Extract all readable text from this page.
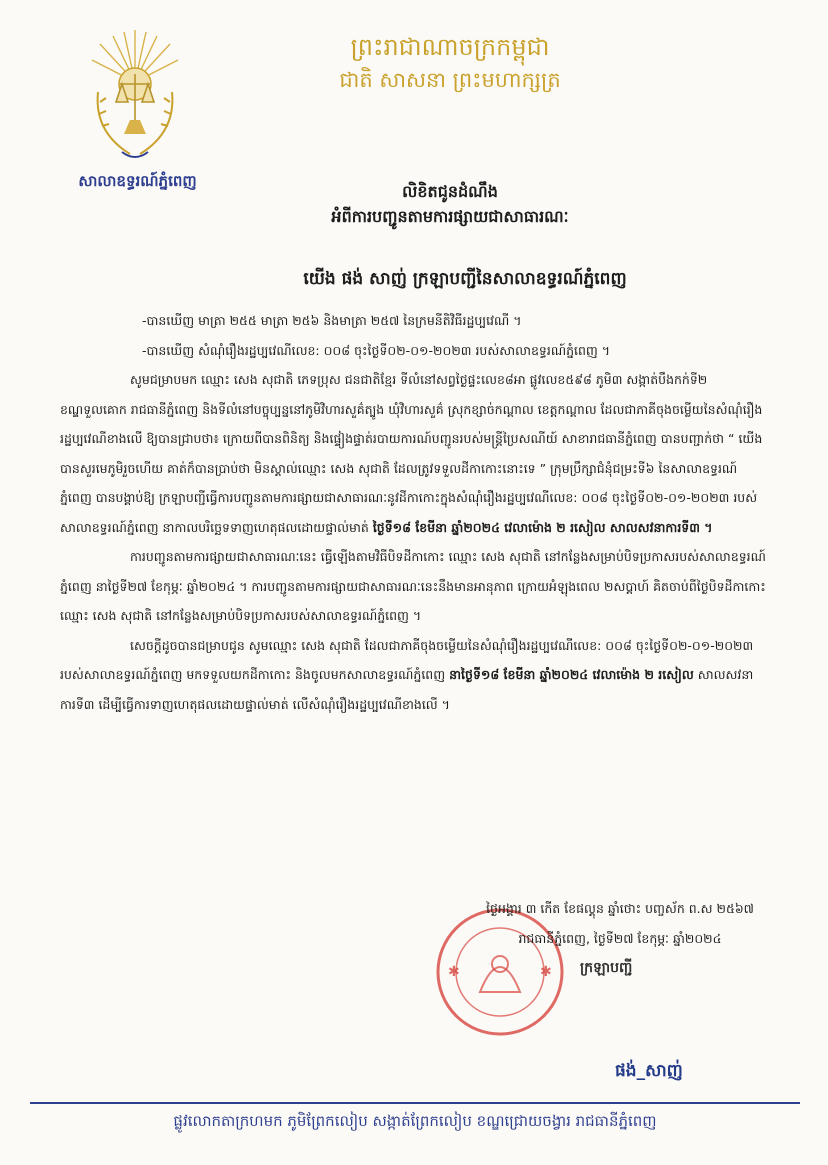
សាលាឧទ្ធរណ៍ភ្នំពេញ
ព្រះរាជាណាចក្រកម្ពុជា
ជាតិ សាសនា ព្រះមហាក្សត្រ
លិខិតជូនដំណឹង
អំពីការបញ្ជូនតាមការផ្សាយជាសាធារណៈ
យើង ផង់ សាញ់ ក្រឡាបញ្ជីនៃសាលាឧទ្ធរណ៍ភ្នំពេញ

-បានឃើញ មាត្រា ២៥៥ មាត្រា ២៥៦ និងមាត្រា ២៥៧ នៃក្រមនីតិវិធីរដ្ឋប្បវេណី ។

-បានឃើញ សំណុំរឿងរដ្ឋប្បវេណីលេខ: ០០៨ ចុះថ្ងៃទី០២-០១-២០២៣ របស់សាលាឧទ្ធរណ៍ភ្នំពេញ ។

សូមជម្រាបមក ឈ្មោះ សេង សុជាតិ ភេទប្រុស ជនជាតិខ្មែរ ទីលំនៅសព្វថ្ងៃផ្ទះលេខ៨អា ផ្លូវលេខ៥៩៨ ភូមិ៣ សង្កាត់បឹងកក់ទី២ ខណ្ឌទួលគោក រាជធានីភ្នំពេញ និងទីលំនៅបច្ចុប្បន្ននៅភូមិវិហារសួគ៌ត្បូង ឃុំវិហារសួគ៌ ស្រុកខ្សាច់កណ្ដាល ខេត្តកណ្ដាល ដែលជាភាគីចុងចម្លើយនៃសំណុំរឿងរដ្ឋប្បវេណីខាងលើ ឱ្យបានជ្រាបថា៖ ក្រោយពីបានពិនិត្យ និងផ្ទៀងផ្ទាត់របាយការណ៍បញ្ជូនរបស់មន្ត្រីប្រៃសណីយ៍ សាខារាជធានីភ្នំពេញ បានបញ្ជាក់ថា “ យើងបានសួរមេភូមិរួចហើយ គាត់ក៏បានប្រាប់ថា មិនស្គាល់ឈ្មោះ សេង សុជាតិ ដែលត្រូវទទួលដីកាកោះនោះទេ ” ក្រុមប្រឹក្សាជំនុំជម្រះទី៦ នៃសាលាឧទ្ធរណ៍ភ្នំពេញ បានបង្គាប់ឱ្យ ក្រឡាបញ្ជីធ្វើការបញ្ជូនតាមការផ្សាយជាសាធារណៈនូវដីកាកោះក្នុងសំណុំរឿងរដ្ឋប្បវេណីលេខ: ០០៨ ចុះថ្ងៃទី០២-០១-២០២៣ របស់សាលាឧទ្ធរណ៍ភ្នំពេញ នាកាលបរិច្ឆេទទាញហេតុផលដោយផ្ទាល់មាត់ ថ្ងៃទី១៨ ខែមីនា ឆ្នាំ២០២៤ វេលាម៉ោង ២ រសៀល សាលសវនាការទី៣ ។

ការបញ្ជូនតាមការផ្សាយជាសាធារណៈនេះ ធ្វើឡើងតាមវិធីបិទដីកាកោះ ឈ្មោះ សេង សុជាតិ នៅកន្លែងសម្រាប់បិទប្រកាសរបស់សាលាឧទ្ធរណ៍ភ្នំពេញ នាថ្ងៃទី២៧ ខែកុម្ភៈ ឆ្នាំ២០២៤ ។ ការបញ្ជូនតាមការផ្សាយជាសាធារណៈនេះនឹងមានអានុភាព ក្រោយអំឡុងពេល ២សប្ដាហ៍ គិតចាប់ពីថ្ងៃបិទដីកាកោះ ឈ្មោះ សេង សុជាតិ នៅកន្លែងសម្រាប់បិទប្រកាសរបស់សាលាឧទ្ធរណ៍ភ្នំពេញ ។

សេចក្ដីដូចបានជម្រាបជូន សូមឈ្មោះ សេង សុជាតិ ដែលជាភាគីចុងចម្លើយនៃសំណុំរឿងរដ្ឋប្បវេណីលេខ: ០០៨ ចុះថ្ងៃទី០២-០១-២០២៣ របស់សាលាឧទ្ធរណ៍ភ្នំពេញ មកទទួលយកដីកាកោះ និងចូលមកសាលាឧទ្ធរណ៍ភ្នំពេញ នាថ្ងៃទី១៨ ខែមីនា ឆ្នាំ២០២៤ វេលាម៉ោង ២ រសៀល សាលសវនាការទី៣ ដើម្បីធ្វើការទាញហេតុផលដោយផ្ទាល់មាត់ លើសំណុំរឿងរដ្ឋប្បវេណីខាងលើ ។

✱	✱
ថ្ងៃអង្គារ ៣ កើត ខែផល្គុន ឆ្នាំថោះ បញ្ចស័ក ព.ស ២៥៦៧
រាជធានីភ្នំពេញ, ថ្ងៃទី២៧ ខែកុម្ភៈ ឆ្នាំ២០២៤
ក្រឡាបញ្ជី
ផង់_សាញ់
ផ្លូវលោកតាក្រហមក ភូមិព្រែកលៀប សង្កាត់ព្រែកលៀប ខណ្ឌជ្រោយចង្វារ រាជធានីភ្នំពេញ
